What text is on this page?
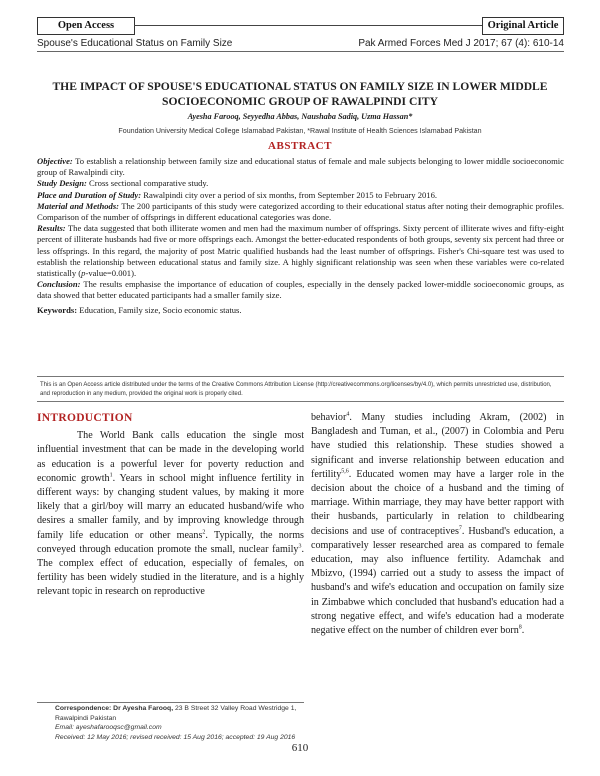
Open Access	Original Article
Spouse's Educational Status on Family Size	Pak Armed Forces Med J 2017; 67 (4): 610-14
THE IMPACT OF SPOUSE'S EDUCATIONAL STATUS ON FAMILY SIZE IN LOWER MIDDLE SOCIOECONOMIC GROUP OF RAWALPINDI CITY
Ayesha Farooq, Seyyedha Abbas, Naushaba Sadiq, Uzma Hassan*
Foundation University Medical College Islamabad Pakistan, *Rawal Institute of Health Sciences Islamabad Pakistan
ABSTRACT

Objective: To establish a relationship between family size and educational status of female and male subjects belonging to lower middle socioeconomic group of Rawalpindi city.

Study Design: Cross sectional comparative study.

Place and Duration of Study: Rawalpindi city over a period of six months, from September 2015 to February 2016.

Material and Methods: The 200 participants of this study were categorized according to their educational status after noting their demographic profiles. Comparison of the number of offsprings in different educational categories was done.

Results: The data suggested that both illiterate women and men had the maximum number of offsprings. Sixty percent of illiterate wives and fifty-eight percent of illiterate husbands had five or more offsprings each. Amongst the better-educated respondents of both groups, seventy six percent had three or less offsprings. In this regard, the majority of post Matric qualified husbands had the least number of offsprings. Fisher's Chi-square test was used to establish the relationship between educational status and family size. A highly significant relationship was seen when these variables were co-related statistically (p-value=0.001).

Conclusion: The results emphasise the importance of education of couples, especially in the densely packed lower-middle socioeconomic groups, as data showed that better educated participants had a smaller family size.

Keywords: Education, Family size, Socio economic status.

This is an Open Access article distributed under the terms of the Creative Commons Attribution License (http://creativecommons.org/licenses/by/4.0), which permits unrestricted use, distribution, and reproduction in any medium, provided the original work is properly cited.
INTRODUCTION

The World Bank calls education the single most influential investment that can be made in the developing world as education is a powerful lever for poverty reduction and economic growth$^1$. Years in school might influence fertility in different ways: by changing student values, by making it more likely that a girl/boy will marry an educated husband/wife who desires a smaller family, and by improving knowledge through family life education or other means$^2$. Typically, the norms conveyed through education promote the small, nuclear family$^3$. The complex effect of education, especially of females, on fertility has been widely studied in the literature, and is a highly relevant topic in research on reproductive

behavior$^4$. Many studies including Akram, (2002) in Bangladesh and Tuman, et al., (2007) in Colombia and Peru have studied this relationship. These studies showed a significant and inverse relationship between education and fertility$^{5,6}$. Educated women may have a larger role in the decision about the choice of a husband and the timing of marriage. Within marriage, they may have better rapport with their husbands, particularly in relation to childbearing decisions and use of contraceptives$^7$. Husband's education, a comparatively lesser researched area as compared to female education, may also influence fertility. Adamchak and Mbizvo, (1994) carried out a study to assess the impact of husband's and wife's education and occupation on family size in Zimbabwe which concluded that husband's education had a strong negative effect, and wife's education had a moderate negative effect on the number of children ever born$^8$.

Correspondence: Dr Ayesha Farooq, 23 B Street 32 Valley Road Westridge 1, Rawalpindi Pakistan
Email: ayeshafarooqsc@gmail.com
Received: 12 May 2016; revised received: 15 Aug 2016; accepted: 19 Aug 2016
610
